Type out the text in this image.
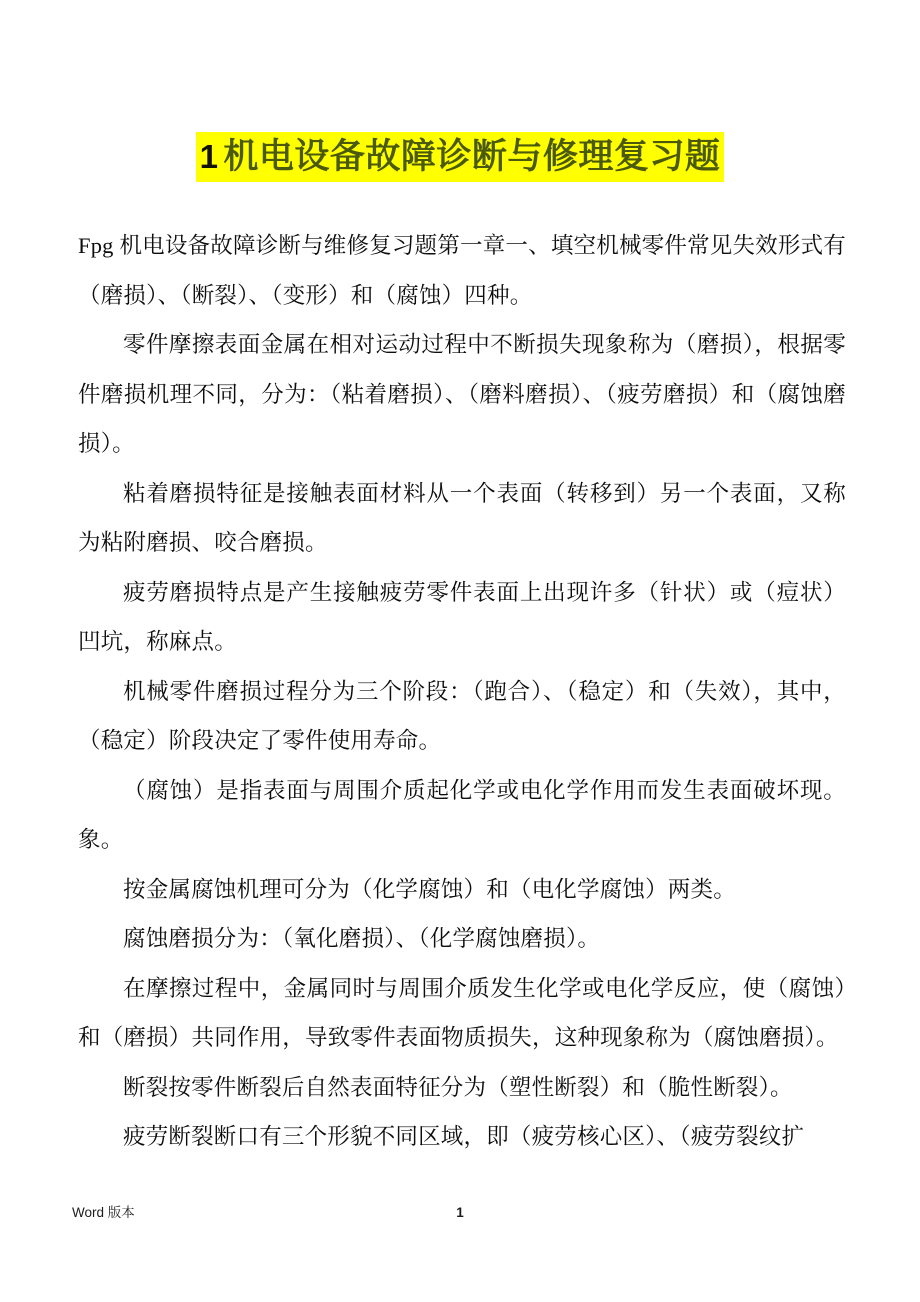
1 机电设备故障诊断与修理复习题

Fpg 机电设备故障诊断与维修复习题第一章一、填空机械零件常见失效形式有（磨损）、（断裂）、（变形）和（腐蚀）四种。

零件摩擦表面金属在相对运动过程中不断损失现象称为（磨损），根据零件磨损机理不同，分为：（粘着磨损）、（磨料磨损）、（疲劳磨损）和（腐蚀磨损）。

粘着磨损特征是接触表面材料从一个表面（转移到）另一个表面，又称为粘附磨损、咬合磨损。

疲劳磨损特点是产生接触疲劳零件表面上出现许多（针状）或（痘状）凹坑，称麻点。

机械零件磨损过程分为三个阶段：（跑合）、（稳定）和（失效），其中，（稳定）阶段决定了零件使用寿命。

（腐蚀）是指表面与周围介质起化学或电化学作用而发生表面破坏现。象。

按金属腐蚀机理可分为（化学腐蚀）和（电化学腐蚀）两类。

腐蚀磨损分为：（氧化磨损）、（化学腐蚀磨损）。

在摩擦过程中，金属同时与周围介质发生化学或电化学反应，使（腐蚀）和（磨损）共同作用，导致零件表面物质损失，这种现象称为（腐蚀磨损）。

断裂按零件断裂后自然表面特征分为（塑性断裂）和（脆性断裂）。

疲劳断裂断口有三个形貌不同区域，即（疲劳核心区）、（疲劳裂纹扩

Word 版本	1
